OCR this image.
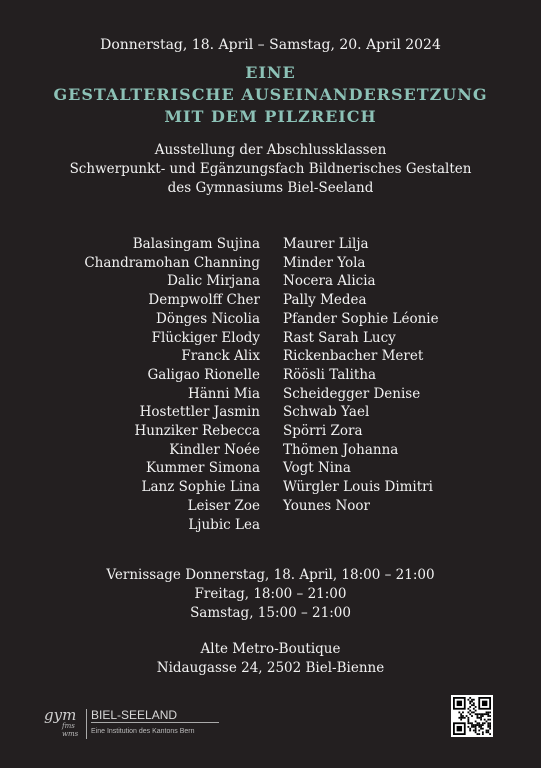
Donnerstag, 18. April – Samstag, 20. April 2024
EINE
GESTALTERISCHE AUSEINANDERSETZUNG
MIT DEM PILZREICH
Ausstellung der Abschlussklassen
Schwerpunkt- und Egänzungsfach Bildnerisches Gestalten
des Gymnasiums Biel-Seeland
Balasingam Sujina
Chandramohan Channing
Dalic Mirjana
Dempwolff Cher
Dönges Nicolia
Flückiger Elody
Franck Alix
Galigao Rionelle
Hänni Mia
Hostettler Jasmin
Hunziker Rebecca
Kindler Noée
Kummer Simona
Lanz Sophie Lina
Leiser Zoe
Ljubic Lea
Maurer Lilja
Minder Yola
Nocera Alicia
Pally Medea
Pfander Sophie Léonie
Rast Sarah Lucy
Rickenbacher Meret
Röösli Talitha
Scheidegger Denise
Schwab Yael
Spörri Zora
Thömen Johanna
Vogt Nina
Würgler Louis Dimitri
Younes Noor
Vernissage Donnerstag, 18. April, 18:00 – 21:00
Freitag, 18:00 – 21:00
Samstag, 15:00 – 21:00
Alte Metro-Boutique
Nidaugasse 24, 2502 Biel-Bienne
gym
fms
wms
BIEL-SEELAND
Eine Institution des Kantons Bern
